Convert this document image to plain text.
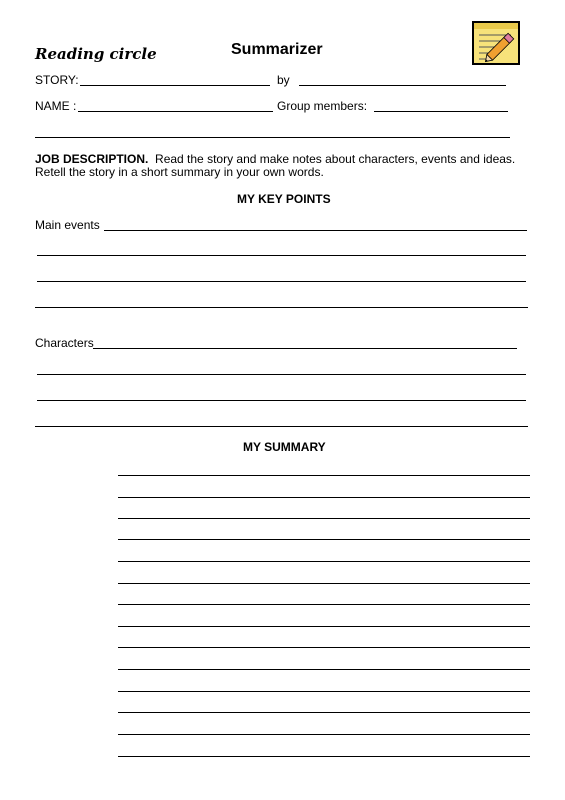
Reading circle	Summarizer
STORY:	by
NAME :	Group members:
JOB DESCRIPTION. Read the story and make notes about characters, events and ideas. Retell the story in a short summary in your own words.
MY KEY POINTS
Main events
Characters
MY SUMMARY
